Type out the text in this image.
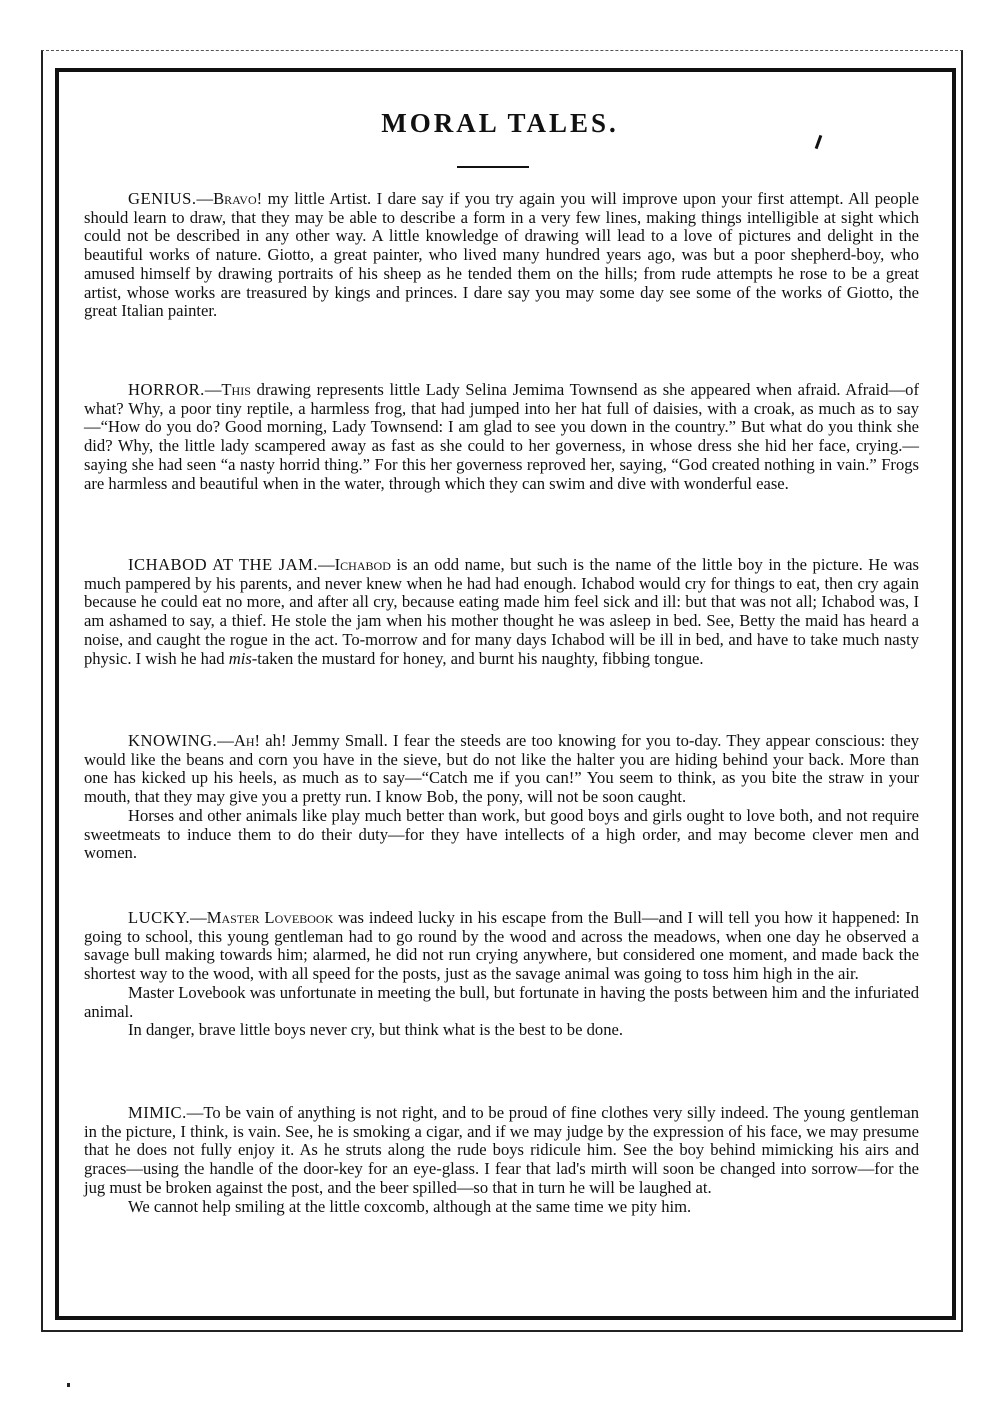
MORAL TALES.

GENIUS.—Bravo! my little Artist. I dare say if you try again you will improve upon your first attempt. All people should learn to draw, that they may be able to describe a form in a very few lines, making things intelligible at sight which could not be described in any other way. A little knowledge of drawing will lead to a love of pictures and delight in the beautiful works of nature. Giotto, a great painter, who lived many hundred years ago, was but a poor shepherd-boy, who amused himself by drawing portraits of his sheep as he tended them on the hills; from rude attempts he rose to be a great artist, whose works are treasured by kings and princes. I dare say you may some day see some of the works of Giotto, the great Italian painter.

HORROR.—This drawing represents little Lady Selina Jemima Townsend as she appeared when afraid. Afraid—of what? Why, a poor tiny reptile, a harmless frog, that had jumped into her hat full of daisies, with a croak, as much as to say—“How do you do? Good morning, Lady Townsend: I am glad to see you down in the country.” But what do you think she did? Why, the little lady scampered away as fast as she could to her governess, in whose dress she hid her face, crying.—saying she had seen “a nasty horrid thing.” For this her governess reproved her, saying, “God created nothing in vain.” Frogs are harmless and beautiful when in the water, through which they can swim and dive with wonderful ease.

ICHABOD AT THE JAM.—Ichabod is an odd name, but such is the name of the little boy in the picture. He was much pampered by his parents, and never knew when he had had enough. Ichabod would cry for things to eat, then cry again because he could eat no more, and after all cry, because eating made him feel sick and ill: but that was not all; Ichabod was, I am ashamed to say, a thief. He stole the jam when his mother thought he was asleep in bed. See, Betty the maid has heard a noise, and caught the rogue in the act. To-morrow and for many days Ichabod will be ill in bed, and have to take much nasty physic. I wish he had mis-taken the mustard for honey, and burnt his naughty, fibbing tongue.

KNOWING.—Ah! ah! Jemmy Small. I fear the steeds are too knowing for you to-day. They appear conscious: they would like the beans and corn you have in the sieve, but do not like the halter you are hiding behind your back. More than one has kicked up his heels, as much as to say—“Catch me if you can!” You seem to think, as you bite the straw in your mouth, that they may give you a pretty run. I know Bob, the pony, will not be soon caught.

Horses and other animals like play much better than work, but good boys and girls ought to love both, and not require sweetmeats to induce them to do their duty—for they have intellects of a high order, and may become clever men and women.

LUCKY.—Master Lovebook was indeed lucky in his escape from the Bull—and I will tell you how it happened: In going to school, this young gentleman had to go round by the wood and across the meadows, when one day he observed a savage bull making towards him; alarmed, he did not run crying anywhere, but considered one moment, and made back the shortest way to the wood, with all speed for the posts, just as the savage animal was going to toss him high in the air.

Master Lovebook was unfortunate in meeting the bull, but fortunate in having the posts between him and the infuriated animal.

In danger, brave little boys never cry, but think what is the best to be done.

MIMIC.—To be vain of anything is not right, and to be proud of fine clothes very silly indeed. The young gentleman in the picture, I think, is vain. See, he is smoking a cigar, and if we may judge by the expression of his face, we may presume that he does not fully enjoy it. As he struts along the rude boys ridicule him. See the boy behind mimicking his airs and graces—using the handle of the door-key for an eye-glass. I fear that lad's mirth will soon be changed into sorrow—for the jug must be broken against the post, and the beer spilled—so that in turn he will be laughed at.

We cannot help smiling at the little coxcomb, although at the same time we pity him.
